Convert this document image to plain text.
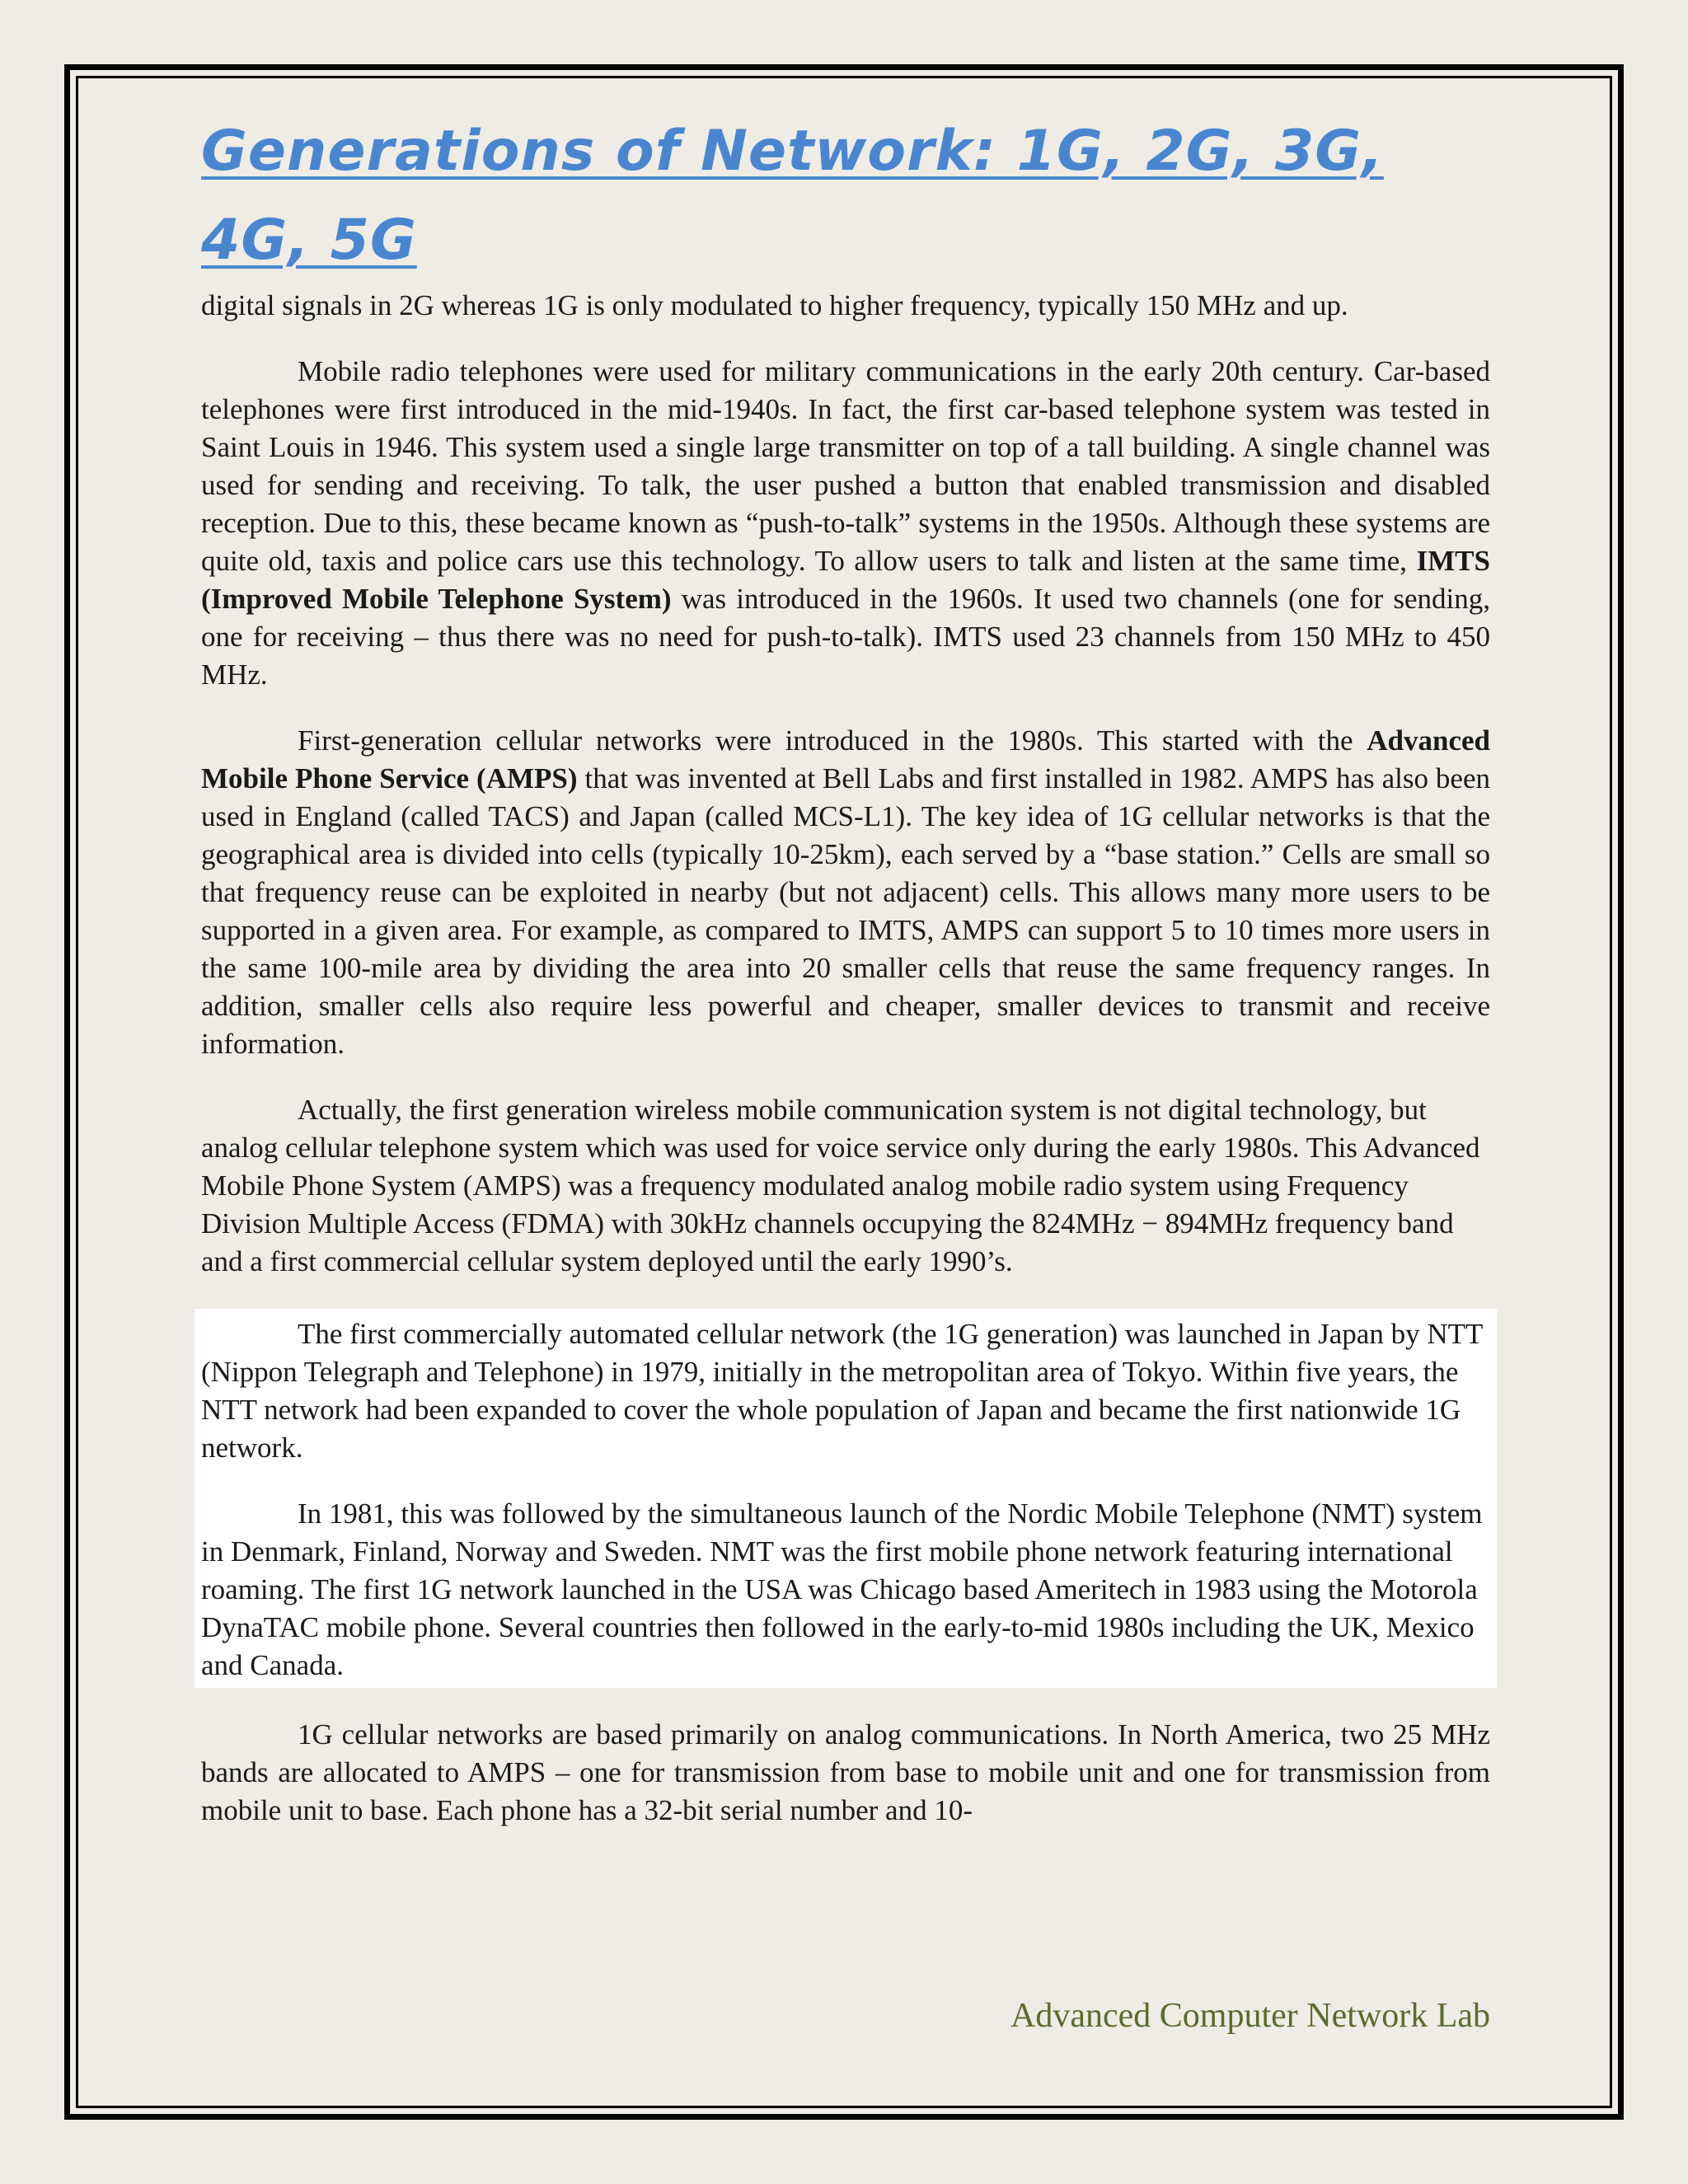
Generations of Network: 1G, 2G, 3G, 4G, 5G

digital signals in 2G whereas 1G is only modulated to higher frequency, typically 150 MHz and up.

Mobile radio telephones were used for military communications in the early 20th century. Car-based telephones were first introduced in the mid-1940s. In fact, the first car-based telephone system was tested in Saint Louis in 1946. This system used a single large transmitter on top of a tall building. A single channel was used for sending and receiving. To talk, the user pushed a button that enabled transmission and disabled reception. Due to this, these became known as “push-to-talk” systems in the 1950s. Although these systems are quite old, taxis and police cars use this technology. To allow users to talk and listen at the same time, IMTS (Improved Mobile Telephone System) was introduced in the 1960s. It used two channels (one for sending, one for receiving – thus there was no need for push-to-talk). IMTS used 23 channels from 150 MHz to 450 MHz.

First-generation cellular networks were introduced in the 1980s. This started with the Advanced Mobile Phone Service (AMPS) that was invented at Bell Labs and first installed in 1982. AMPS has also been used in England (called TACS) and Japan (called MCS-L1). The key idea of 1G cellular networks is that the geographical area is divided into cells (typically 10-25km), each served by a “base station.” Cells are small so that frequency reuse can be exploited in nearby (but not adjacent) cells. This allows many more users to be supported in a given area. For example, as compared to IMTS, AMPS can support 5 to 10 times more users in the same 100-mile area by dividing the area into 20 smaller cells that reuse the same frequency ranges. In addition, smaller cells also require less powerful and cheaper, smaller devices to transmit and receive information.

Actually, the first generation wireless mobile communication system is not digital technology, but analog cellular telephone system which was used for voice service only during the early 1980s. This Advanced Mobile Phone System (AMPS) was a frequency modulated analog mobile radio system using Frequency Division Multiple Access (FDMA) with 30kHz channels occupying the 824MHz − 894MHz frequency band and a first commercial cellular system deployed until the early 1990’s.

The first commercially automated cellular network (the 1G generation) was launched in Japan by NTT (Nippon Telegraph and Telephone) in 1979, initially in the metropolitan area of Tokyo. Within five years, the NTT network had been expanded to cover the whole population of Japan and became the first nationwide 1G network.

In 1981, this was followed by the simultaneous launch of the Nordic Mobile Telephone (NMT) system in Denmark, Finland, Norway and Sweden. NMT was the first mobile phone network featuring international roaming. The first 1G network launched in the USA was Chicago based Ameritech in 1983 using the Motorola DynaTAC mobile phone. Several countries then followed in the early-to-mid 1980s including the UK, Mexico and Canada.

1G cellular networks are based primarily on analog communications. In North America, two 25 MHz bands are allocated to AMPS – one for transmission from base to mobile unit and one for transmission from mobile unit to base. Each phone has a 32-bit serial number and 10-

Advanced Computer Network Lab
